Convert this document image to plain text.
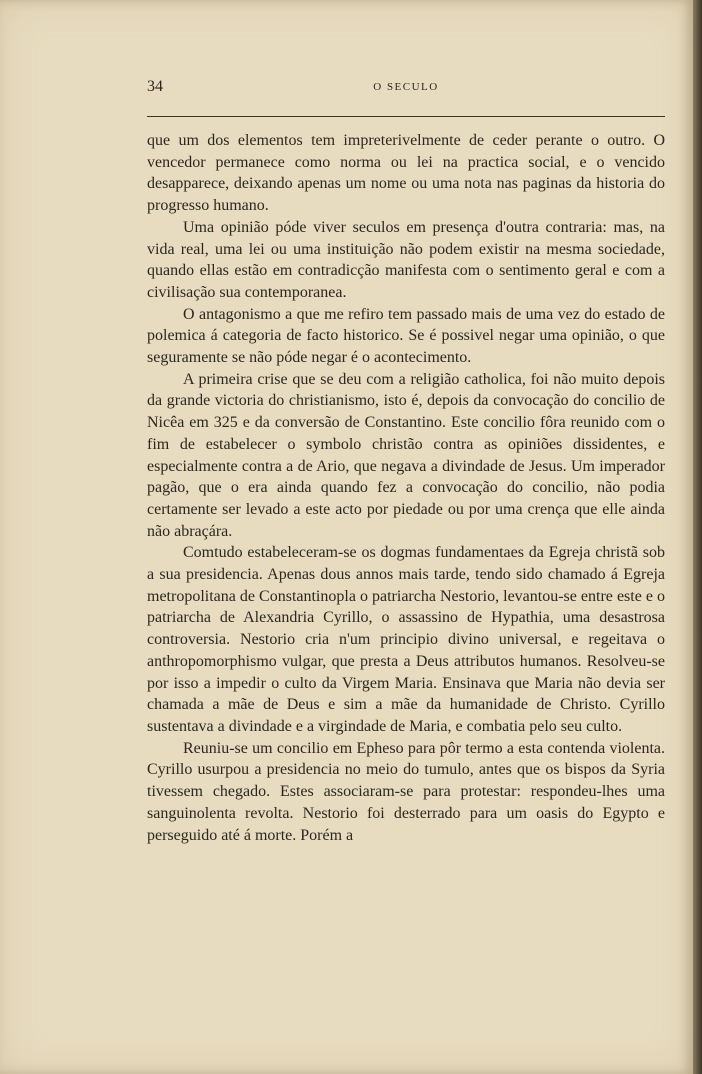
34	O SECULO

que um dos elementos tem impreterivelmente de ceder perante o outro. O vencedor permanece como norma ou lei na practica social, e o vencido desapparece, deixando apenas um nome ou uma nota nas paginas da historia do progresso humano.

Uma opinião póde viver seculos em presença d'outra contraria: mas, na vida real, uma lei ou uma instituição não podem existir na mesma sociedade, quando ellas estão em contradicção manifesta com o sentimento geral e com a civilisação sua contemporanea.

O antagonismo a que me refiro tem passado mais de uma vez do estado de polemica á categoria de facto historico. Se é possivel negar uma opinião, o que seguramente se não póde negar é o acontecimento.

A primeira crise que se deu com a religião catholica, foi não muito depois da grande victoria do christianismo, isto é, depois da convocação do concilio de Nicêa em 325 e da conversão de Constantino. Este concilio fôra reunido com o fim de estabelecer o symbolo christão contra as opiniões dissidentes, e especialmente contra a de Ario, que negava a divindade de Jesus. Um imperador pagão, que o era ainda quando fez a convocação do concilio, não podia certamente ser levado a este acto por piedade ou por uma crença que elle ainda não abraçára.

Comtudo estabeleceram-se os dogmas fundamentaes da Egreja christã sob a sua presidencia. Apenas dous annos mais tarde, tendo sido chamado á Egreja metropolitana de Constantinopla o patriarcha Nestorio, levantou-se entre este e o patriarcha de Alexandria Cyrillo, o assassino de Hypathia, uma desastrosa controversia. Nestorio cria n'um principio divino universal, e regeitava o anthropomorphismo vulgar, que presta a Deus attributos humanos. Resolveu-se por isso a impedir o culto da Virgem Maria. Ensinava que Maria não devia ser chamada a mãe de Deus e sim a mãe da humanidade de Christo. Cyrillo sustentava a divindade e a virgindade de Maria, e combatia pelo seu culto.

Reuniu-se um concilio em Epheso para pôr termo a esta contenda violenta. Cyrillo usurpou a presidencia no meio do tumulo, antes que os bispos da Syria tivessem chegado. Estes associaram-se para protestar: respondeu-lhes uma sanguinolenta revolta. Nestorio foi desterrado para um oasis do Egypto e perseguido até á morte. Porém a
